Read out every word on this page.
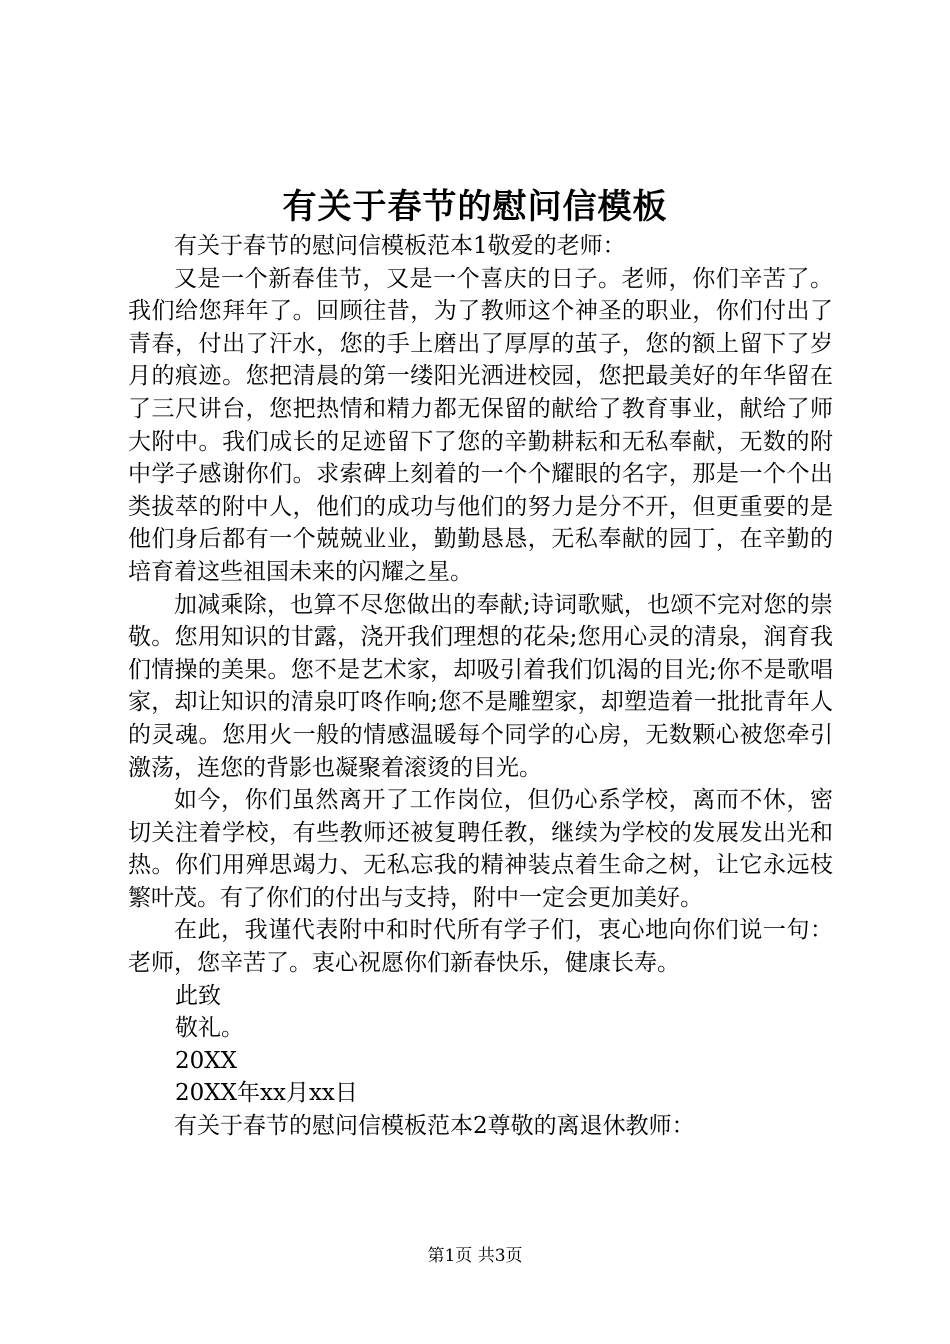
有关于春节的慰问信模板

有关于春节的慰问信模板范本1敬爱的老师：

又是一个新春佳节，又是一个喜庆的日子。老师，你们辛苦了。我们给您拜年了。回顾往昔，为了教师这个神圣的职业，你们付出了青春，付出了汗水，您的手上磨出了厚厚的茧子，您的额上留下了岁月的痕迹。您把清晨的第一缕阳光洒进校园，您把最美好的年华留在了三尺讲台，您把热情和精力都无保留的献给了教育事业，献给了师大附中。我们成长的足迹留下了您的辛勤耕耘和无私奉献，无数的附中学子感谢你们。求索碑上刻着的一个个耀眼的名字，那是一个个出类拔萃的附中人，他们的成功与他们的努力是分不开，但更重要的是他们身后都有一个兢兢业业，勤勤恳恳，无私奉献的园丁，在辛勤的培育着这些祖国未来的闪耀之星。

加减乘除，也算不尽您做出的奉献;诗词歌赋，也颂不完对您的崇敬。您用知识的甘露，浇开我们理想的花朵;您用心灵的清泉，润育我们情操的美果。您不是艺术家，却吸引着我们饥渴的目光;你不是歌唱家，却让知识的清泉叮咚作响;您不是雕塑家，却塑造着一批批青年人的灵魂。您用火一般的情感温暖每个同学的心房，无数颗心被您牵引激荡，连您的背影也凝聚着滚烫的目光。

如今，你们虽然离开了工作岗位，但仍心系学校，离而不休，密切关注着学校，有些教师还被复聘任教，继续为学校的发展发出光和热。你们用殚思竭力、无私忘我的精神装点着生命之树，让它永远枝繁叶茂。有了你们的付出与支持，附中一定会更加美好。

在此，我谨代表附中和时代所有学子们，衷心地向你们说一句：老师，您辛苦了。衷心祝愿你们新春快乐，健康长寿。

此致

敬礼。

20XX

20XX年xx月xx日

有关于春节的慰问信模板范本2尊敬的离退休教师：

第1页 共3页
